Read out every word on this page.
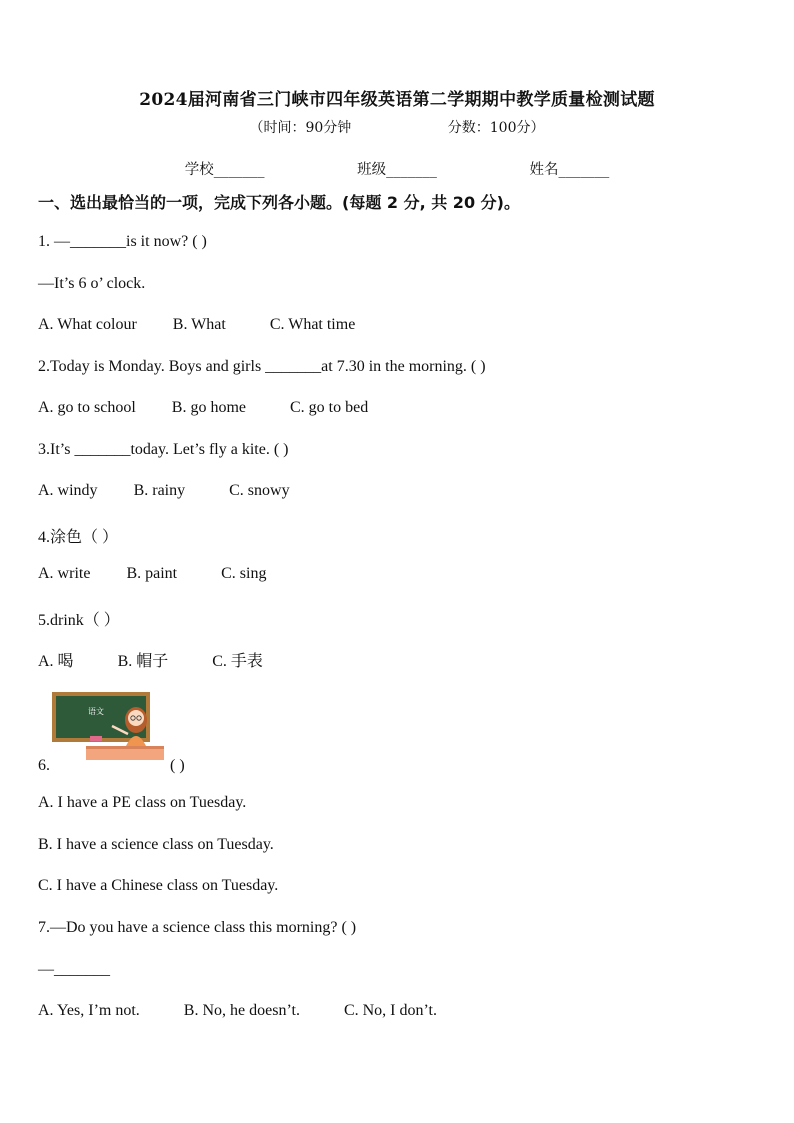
2024届河南省三门峡市四年级英语第二学期期中教学质量检测试题
（时间：90分钟	分数：100分）
学校_______	班级_______	姓名_______
一、选出最恰当的一项，完成下列各小题。(每题 2 分, 共 20 分)。
1. —_______is it now? ( )
—It’s 6 o’ clock.
A. What colour B. What	C. What time
2.Today is Monday. Boys and girls _______at 7.30 in the morning. ( )
A. go to school B. go home	C. go to bed
3.It’s _______today. Let’s fly a kite. ( )
A. windy B. rainy	C. snowy
4.涂色（ ）
A. write B. paint	C. sing
5.drink（ ）
A. 喝	B. 帽子	C. 手表
语文
6.	( )
A. I have a PE class on Tuesday.
B. I have a science class on Tuesday.
C. I have a Chinese class on Tuesday.
7.—Do you have a science class this morning? ( )
—_______
A. Yes, I’m not.	B. No, he doesn’t.	C. No, I don’t.
